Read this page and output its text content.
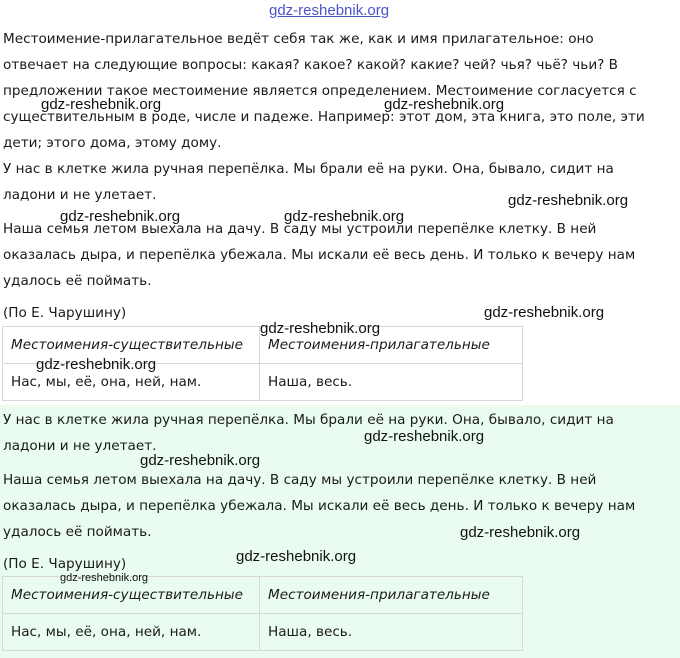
gdz-reshebnik.org
Местоимение-прилагательное ведёт себя так же, как и имя прилагательное: оно
отвечает на следующие вопросы: какая? какое? какой? какие? чей? чья? чьё? чьи? В
предложении такое местоимение является определением. Местоимение согласуется с
существительным в роде, числе и падеже. Например: этот дом, эта книга, это поле, эти
дети; этого дома, этому дому.
У нас в клетке жила ручная перепёлка. Мы брали её на руки. Она, бывало, сидит на
ладони и не улетает.
Наша семья летом выехала на дачу. В саду мы устроили перепёлке клетку. В ней
оказалась дыра, и перепёлка убежала. Мы искали её весь день. И только к вечеру нам
удалось её поймать.
(По Е. Чарушину)
Местоимения-существительные	Местоимения-прилагательные
Нас, мы, её, она, ней, нам.	Наша, весь.
У нас в клетке жила ручная перепёлка. Мы брали её на руки. Она, бывало, сидит на
ладони и не улетает.
Наша семья летом выехала на дачу. В саду мы устроили перепёлке клетку. В ней
оказалась дыра, и перепёлка убежала. Мы искали её весь день. И только к вечеру нам
удалось её поймать.
(По Е. Чарушину)
Местоимения-существительные	Местоимения-прилагательные
Нас, мы, её, она, ней, нам.	Наша, весь.
gdz-reshebnik.org	gdz-reshebnik.org
gdz-reshebnik.org
gdz-reshebnik.org	gdz-reshebnik.org
gdz-reshebnik.org
gdz-reshebnik.org
gdz-reshebnik.org
gdz-reshebnik.org
gdz-reshebnik.org
gdz-reshebnik.org
gdz-reshebnik.org
gdz-reshebnik.org
